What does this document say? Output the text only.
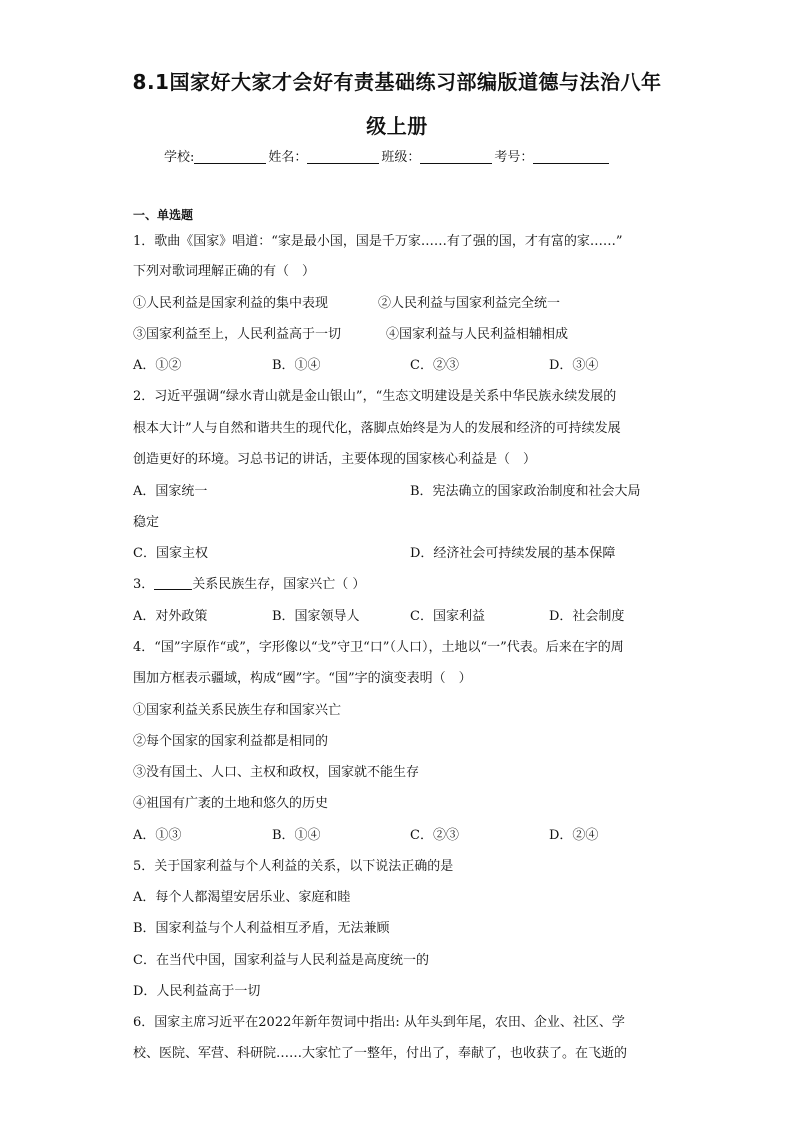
8.1国家好大家才会好有责基础练习部编版道德与法治八年
级上册
学校:	姓名：	班级：	考号：
一、单选题
1．歌曲《国家》唱道：“家是最小国，国是千万家……有了强的国，才有富的家……”
下列对歌词理解正确的有（　）
①人民利益是国家利益的集中表现	②人民利益与国家利益完全统一
③国家利益至上，人民利益高于一切	④国家利益与人民利益相辅相成
A．①②	B．①④	C．②③	D．③④
2．习近平强调“绿水青山就是金山银山”，“生态文明建设是关系中华民族永续发展的
根本大计”人与自然和谐共生的现代化，落脚点始终是为人的发展和经济的可持续发展
创造更好的环境。习总书记的讲话，主要体现的国家核心利益是（　）
A．国家统一	B．宪法确立的国家政治制度和社会大局
稳定
C．国家主权	D．经济社会可持续发展的基本保障
3．	关系民族生存，国家兴亡（ ）
A．对外政策	B．国家领导人	C．国家利益	D．社会制度
4．“国”字原作“或”，字形像以“戈”守卫“口”（人口），土地以“一”代表。后来在字的周
围加方框表示疆域，构成“國”字。“国”字的演变表明（　）
①国家利益关系民族生存和国家兴亡
②每个国家的国家利益都是相同的
③没有国土、人口、主权和政权，国家就不能生存
④祖国有广袤的土地和悠久的历史
A．①③	B．①④	C．②③	D．②④
5．关于国家利益与个人利益的关系，以下说法正确的是
A．每个人都渴望安居乐业、家庭和睦
B．国家利益与个人利益相互矛盾，无法兼顾
C．在当代中国，国家利益与人民利益是高度统一的
D．人民利益高于一切
6．国家主席习近平在2022年新年贺词中指出: 从年头到年尾，农田、企业、社区、学
校、医院、军营、科研院……大家忙了一整年，付出了，奉献了，也收获了。在飞逝的
